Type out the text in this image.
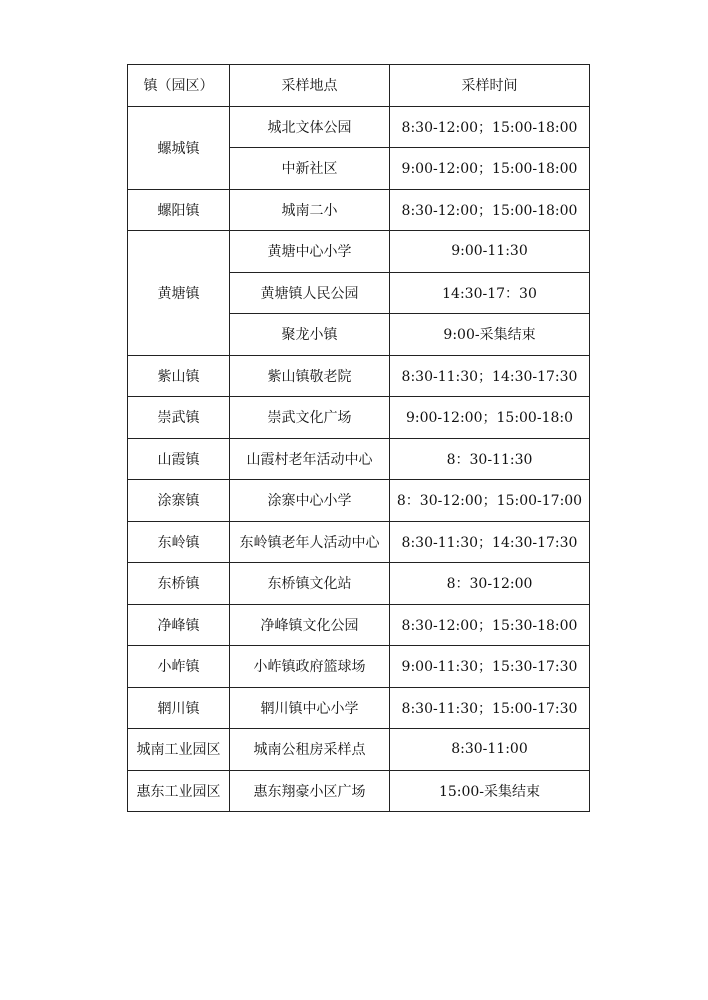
镇（园区）	采样地点	采样时间
螺城镇	城北文体公园	8:30-12:00；15:00-18:00
	中新社区	9:00-12:00；15:00-18:00
螺阳镇	城南二小	8:30-12:00；15:00-18:00
黄塘镇	黄塘中心小学	9:00-11:30
	黄塘镇人民公园	14:30-17：30
	聚龙小镇	9:00-采集结束
紫山镇	紫山镇敬老院	8:30-11:30；14:30-17:30
崇武镇	崇武文化广场	9:00-12:00；15:00-18:0
山霞镇	山霞村老年活动中心	8：30-11:30
涂寨镇	涂寨中心小学	8：30-12:00；15:00-17:00
东岭镇	东岭镇老年人活动中心	8:30-11:30；14:30-17:30
东桥镇	东桥镇文化站	8：30-12:00
净峰镇	净峰镇文化公园	8:30-12:00；15:30-18:00
小岞镇	小岞镇政府篮球场	9:00-11:30；15:30-17:30
辋川镇	辋川镇中心小学	8:30-11:30；15:00-17:30
城南工业园区	城南公租房采样点	8:30-11:00
惠东工业园区	惠东翔豪小区广场	15:00-采集结束
